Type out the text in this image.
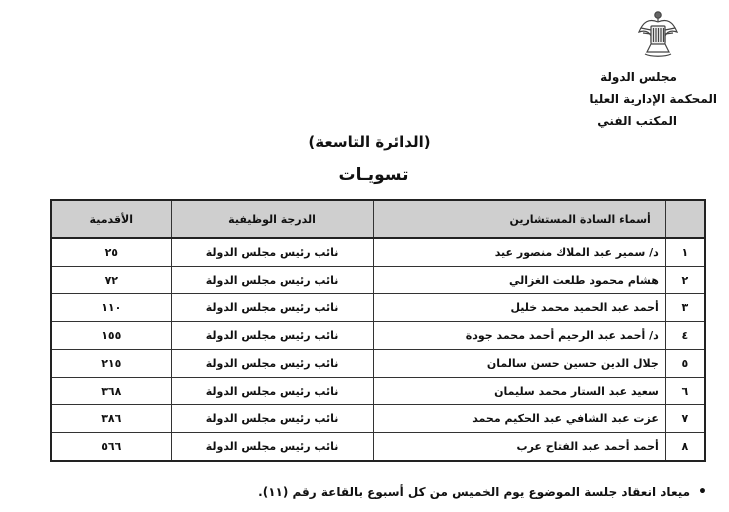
مجلس الدولة
المحكمة الإدارية العليا
المكتب الفني
(الدائرة التاسعة)
تسويـات
	أسماء السادة المستشارين	الدرجة الوظيفية	الأقدمية
١	د/ سمير عبد الملاك منصور عيد	نائب رئيس مجلس الدولة	٢٥
٢	هشام محمود طلعت الغزالي	نائب رئيس مجلس الدولة	٧٢
٣	أحمد عبد الحميد محمد خليل	نائب رئيس مجلس الدولة	١١٠
٤	د/ أحمد عبد الرحيم أحمد محمد جودة	نائب رئيس مجلس الدولة	١٥٥
٥	جلال الدين حسين حسن سالمان	نائب رئيس مجلس الدولة	٢١٥
٦	سعيد عبد الستار محمد سليمان	نائب رئيس مجلس الدولة	٣٦٨
٧	عزت عبد الشافي عبد الحكيم محمد	نائب رئيس مجلس الدولة	٣٨٦
٨	أحمد أحمد عبد الفتاح عرب	نائب رئيس مجلس الدولة	٥٦٦
•ميعاد انعقاد جلسة الموضوع يوم الخميس من كل أسبوع بالقاعة رقم (١١).
